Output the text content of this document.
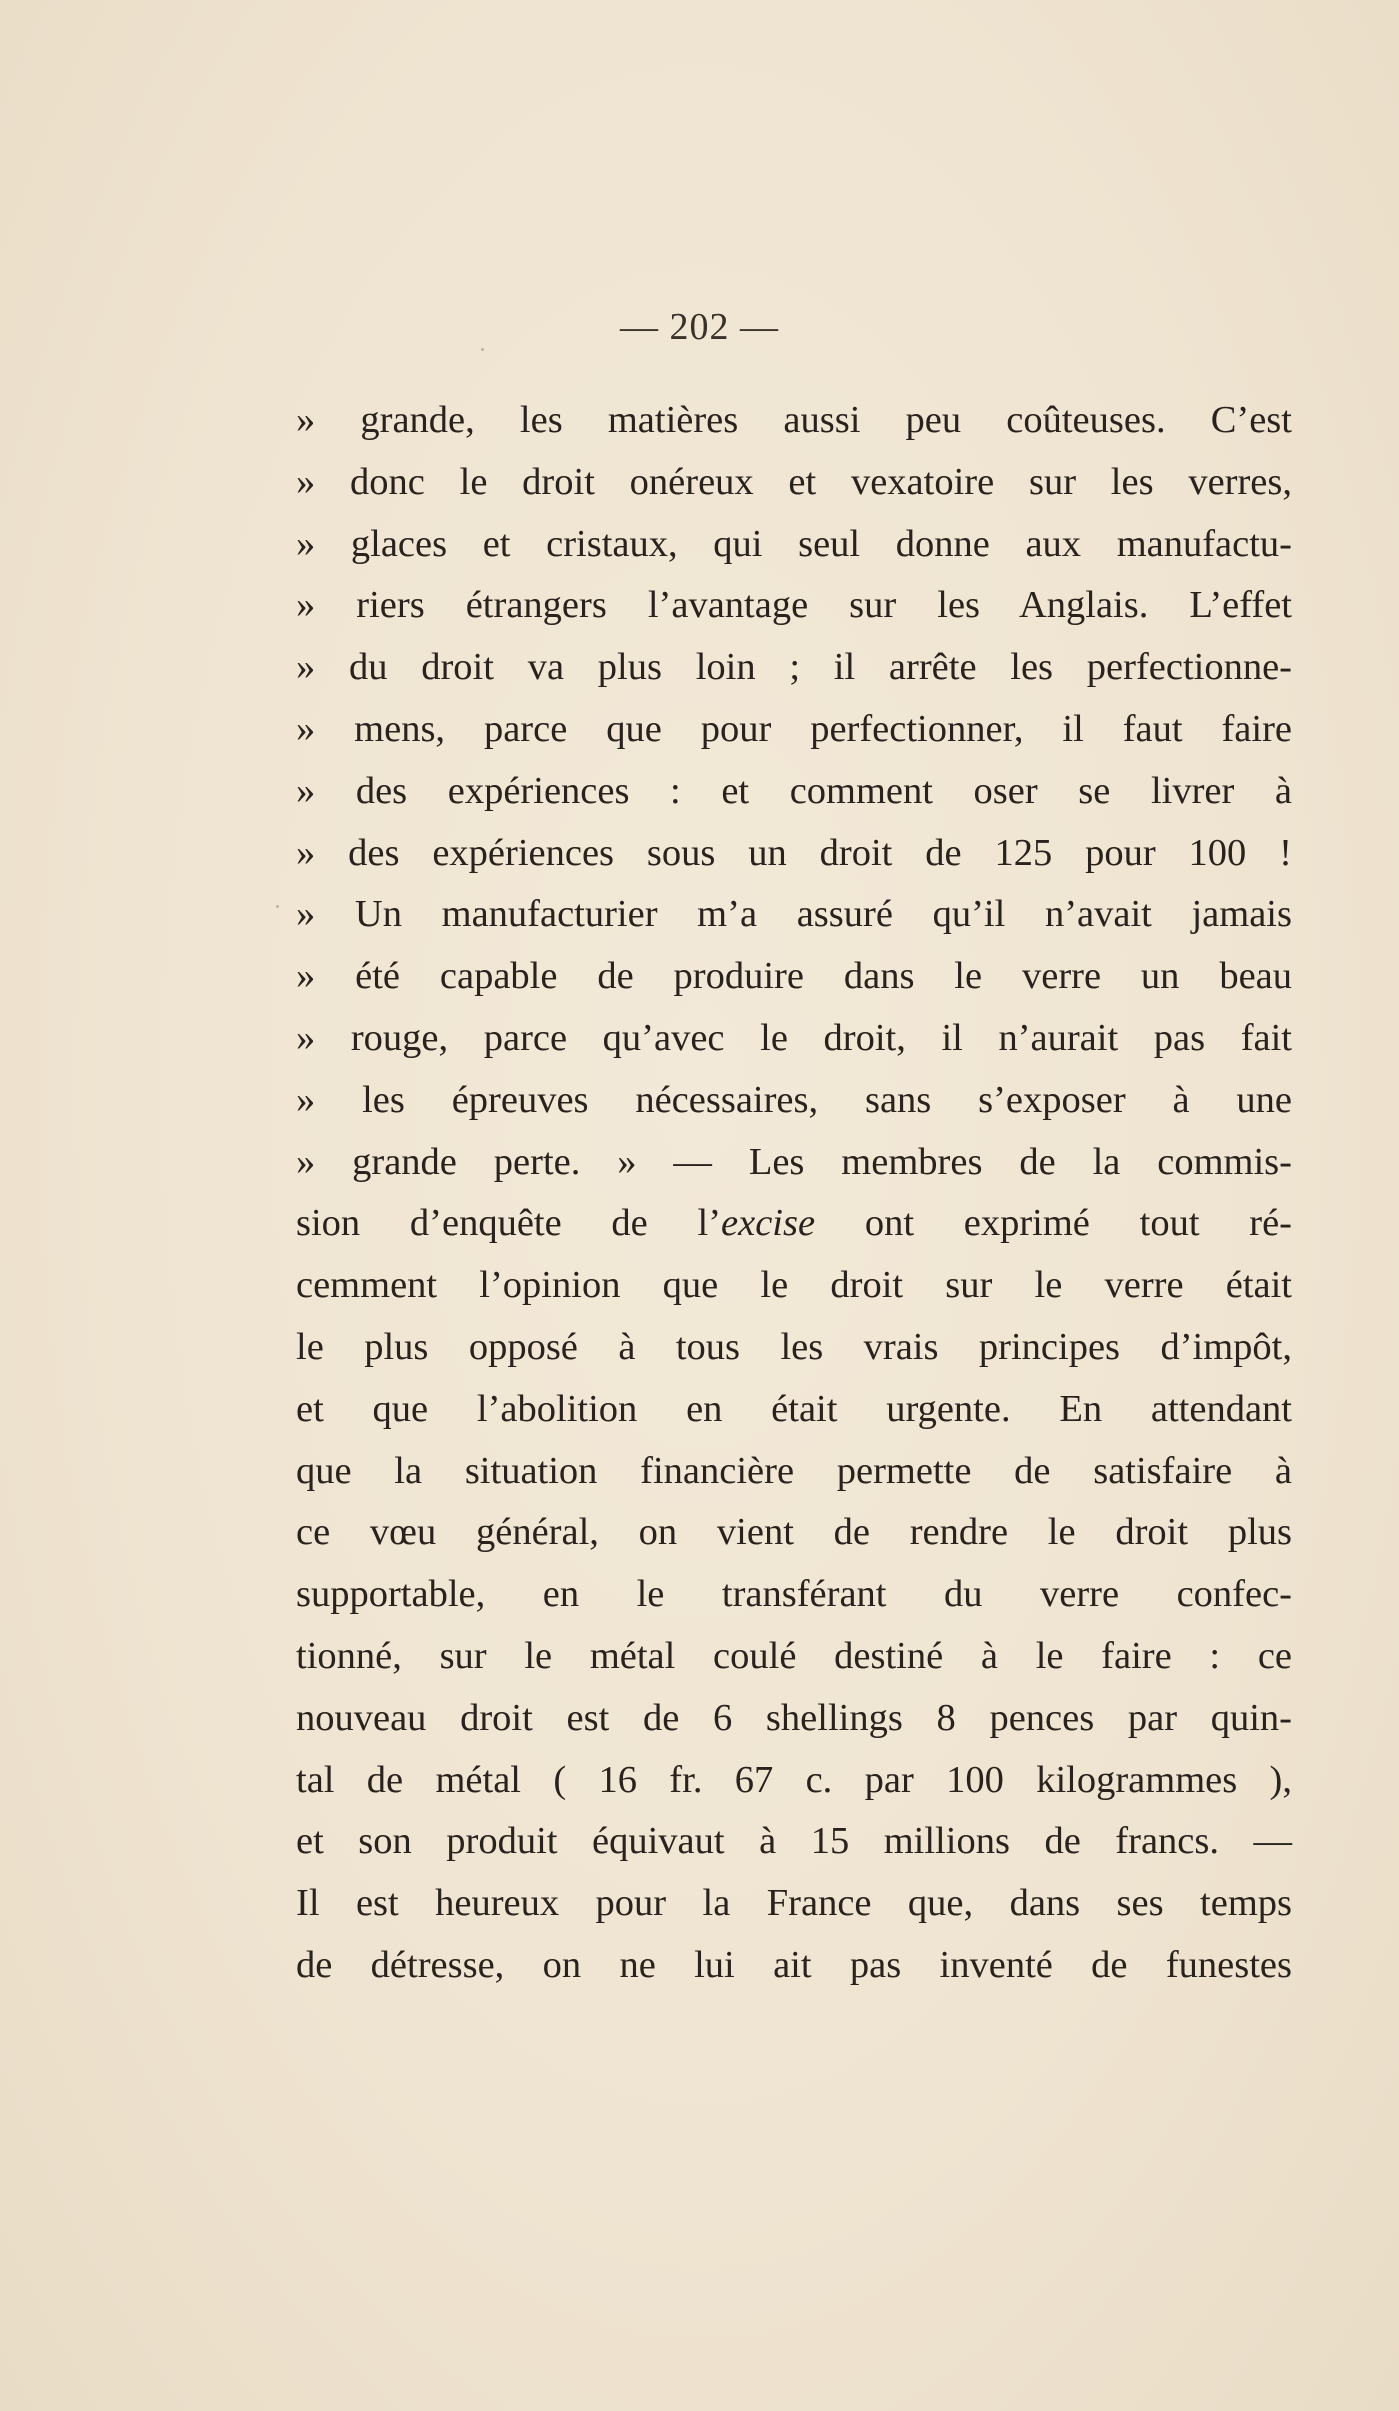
— 202 —
» grande, les matières aussi peu coûteuses. C’est
» donc le droit onéreux et vexatoire sur les verres,
» glaces et cristaux, qui seul donne aux manufactu-
» riers étrangers l’avantage sur les Anglais. L’effet
» du droit va plus loin ; il arrête les perfectionne-
» mens, parce que pour perfectionner, il faut faire
» des expériences : et comment oser se livrer à
» des expériences sous un droit de 125 pour 100 !
» Un manufacturier m’a assuré qu’il n’avait jamais
» été capable de produire dans le verre un beau
» rouge, parce qu’avec le droit, il n’aurait pas fait
» les épreuves nécessaires, sans s’exposer à une
» grande perte. » — Les membres de la commis-
sion d’enquête de l’excise ont exprimé tout ré-
cemment l’opinion que le droit sur le verre était
le plus opposé à tous les vrais principes d’impôt,
et que l’abolition en était urgente. En attendant
que la situation financière permette de satisfaire à
ce vœu général, on vient de rendre le droit plus
supportable, en le transférant du verre confec-
tionné, sur le métal coulé destiné à le faire : ce
nouveau droit est de 6 shellings 8 pences par quin-
tal de métal ( 16 fr. 67 c. par 100 kilogrammes ),
et son produit équivaut à 15 millions de francs. —
Il est heureux pour la France que, dans ses temps
de détresse, on ne lui ait pas inventé de funestes
